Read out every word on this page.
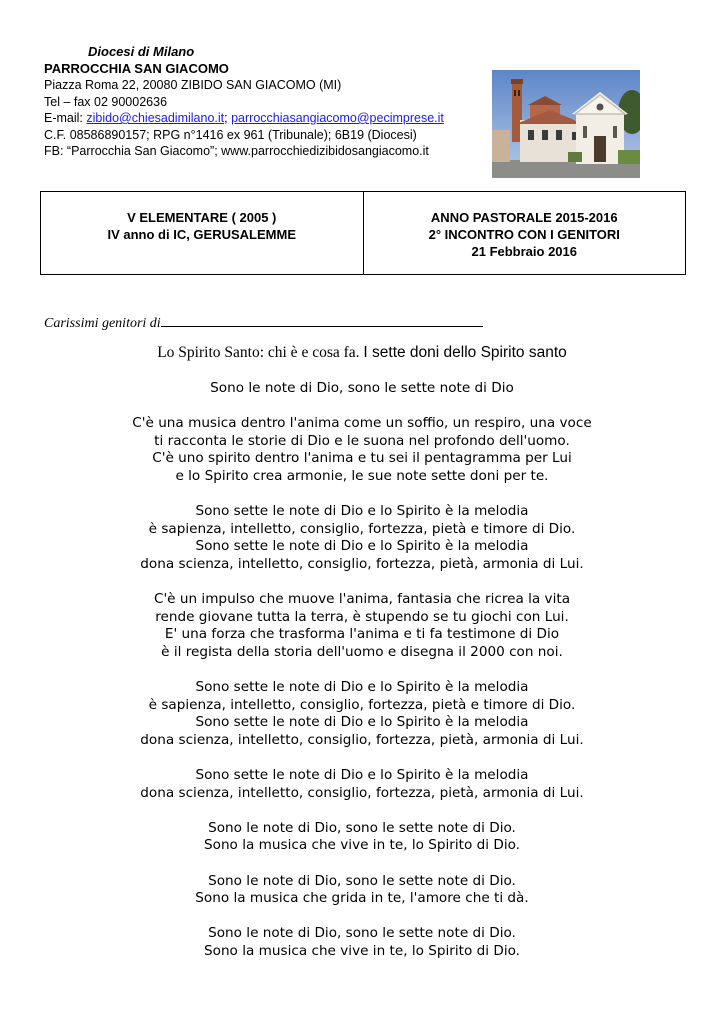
Diocesi di Milano
PARROCCHIA SAN GIACOMO
Piazza Roma 22, 20080 ZIBIDO SAN GIACOMO (MI)
Tel – fax 02 90002636
E-mail: zibido@chiesadimilano.it; parrocchiasangiacomo@pecimprese.it
C.F. 08586890157; RPG n°1416 ex 961 (Tribunale); 6B19 (Diocesi)
FB: “Parrocchia San Giacomo”; www.parrocchiedizibidosangiacomo.it
V ELEMENTARE ( 2005 )
IV anno di IC, GERUSALEMME
ANNO PASTORALE 2015-2016
2° INCONTRO CON I GENITORI
21 Febbraio 2016
Carissimi genitori di
Lo Spirito Santo: chi è e cosa fa. I sette doni dello Spirito santo
Sono le note di Dio, sono le sette note di Dio
C'è una musica dentro l'anima come un soffio, un respiro, una voce
ti racconta le storie di Dio e le suona nel profondo dell'uomo.
C'è uno spirito dentro l'anima e tu sei il pentagramma per Lui
e lo Spirito crea armonie, le sue note sette doni per te.
Sono sette le note di Dio e lo Spirito è la melodia
è sapienza, intelletto, consiglio, fortezza, pietà e timore di Dio.
Sono sette le note di Dio e lo Spirito è la melodia
dona scienza, intelletto, consiglio, fortezza, pietà, armonia di Lui.
C'è un impulso che muove l'anima, fantasia che ricrea la vita
rende giovane tutta la terra, è stupendo se tu giochi con Lui.
E' una forza che trasforma l'anima e ti fa testimone di Dio
è il regista della storia dell'uomo e disegna il 2000 con noi.
Sono sette le note di Dio e lo Spirito è la melodia
è sapienza, intelletto, consiglio, fortezza, pietà e timore di Dio.
Sono sette le note di Dio e lo Spirito è la melodia
dona scienza, intelletto, consiglio, fortezza, pietà, armonia di Lui.
Sono sette le note di Dio e lo Spirito è la melodia
dona scienza, intelletto, consiglio, fortezza, pietà, armonia di Lui.
Sono le note di Dio, sono le sette note di Dio.
Sono la musica che vive in te, lo Spirito di Dio.
Sono le note di Dio, sono le sette note di Dio.
Sono la musica che grida in te, l'amore che ti dà.
Sono le note di Dio, sono le sette note di Dio.
Sono la musica che vive in te, lo Spirito di Dio.
